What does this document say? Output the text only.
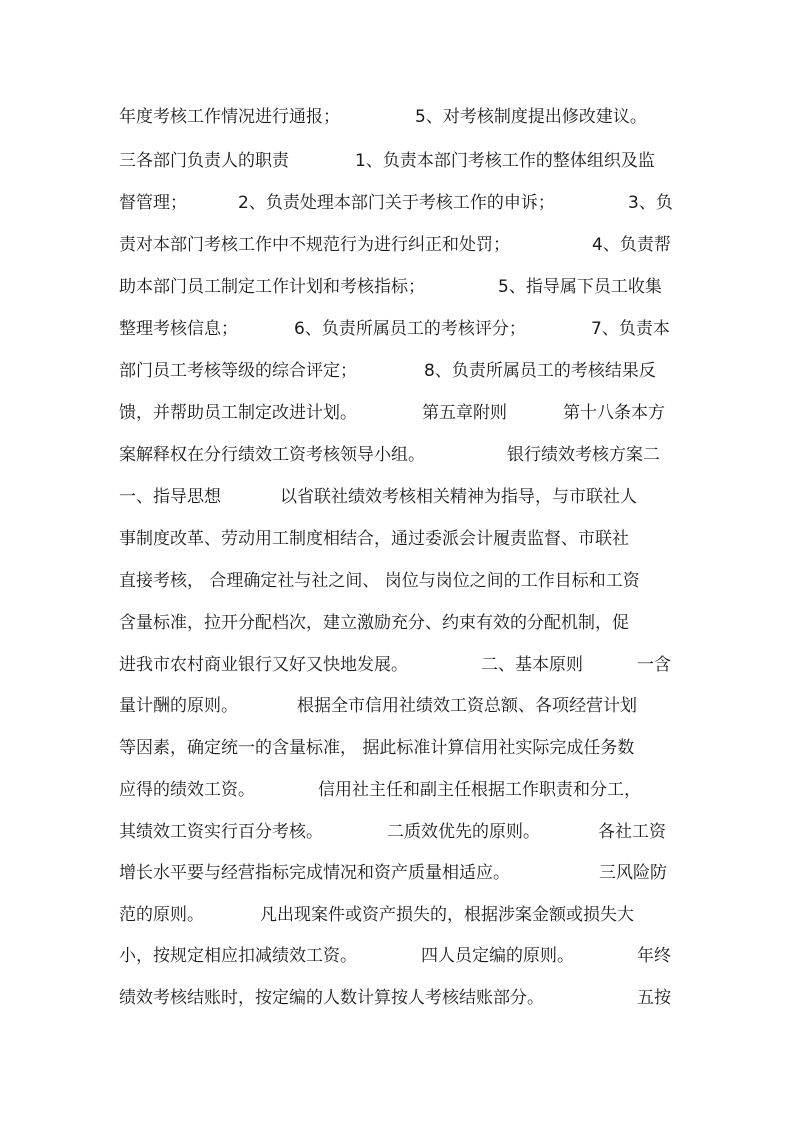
年度考核工作情况进行通报；	5、对考核制度提出修改建议。
三各部门负责人的职责	1、负责本部门考核工作的整体组织及监
督管理；	2、负责处理本部门关于考核工作的申诉；	3、负
责对本部门考核工作中不规范行为进行纠正和处罚；	4、负责帮
助本部门员工制定工作计划和考核指标；	5、指导属下员工收集
整理考核信息；	6、负责所属员工的考核评分；	7、负责本
部门员工考核等级的综合评定；	8、负责所属员工的考核结果反
馈，并帮助员工制定改进计划。	第五章附则	第十八条本方
案解释权在分行绩效工资考核领导小组。	银行绩效考核方案二
一、指导思想	以省联社绩效考核相关精神为指导，与市联社人
事制度改革、劳动用工制度相结合，通过委派会计履责监督、市联社
直接考核， 合理确定社与社之间、 岗位与岗位之间的工作目标和工资
含量标准，拉开分配档次，建立激励充分、约束有效的分配机制，促
进我市农村商业银行又好又快地发展。	二、基本原则	一含
量计酬的原则。	根据全市信用社绩效工资总额、各项经营计划
等因素，确定统一的含量标准， 据此标准计算信用社实际完成任务数
应得的绩效工资。	信用社主任和副主任根据工作职责和分工，
其绩效工资实行百分考核。	二质效优先的原则。	各社工资
增长水平要与经营指标完成情况和资产质量相适应。	三风险防
范的原则。	凡出现案件或资产损失的，根据涉案金额或损失大
小，按规定相应扣减绩效工资。	四人员定编的原则。	年终
绩效考核结账时，按定编的人数计算按人考核结账部分。	五按
